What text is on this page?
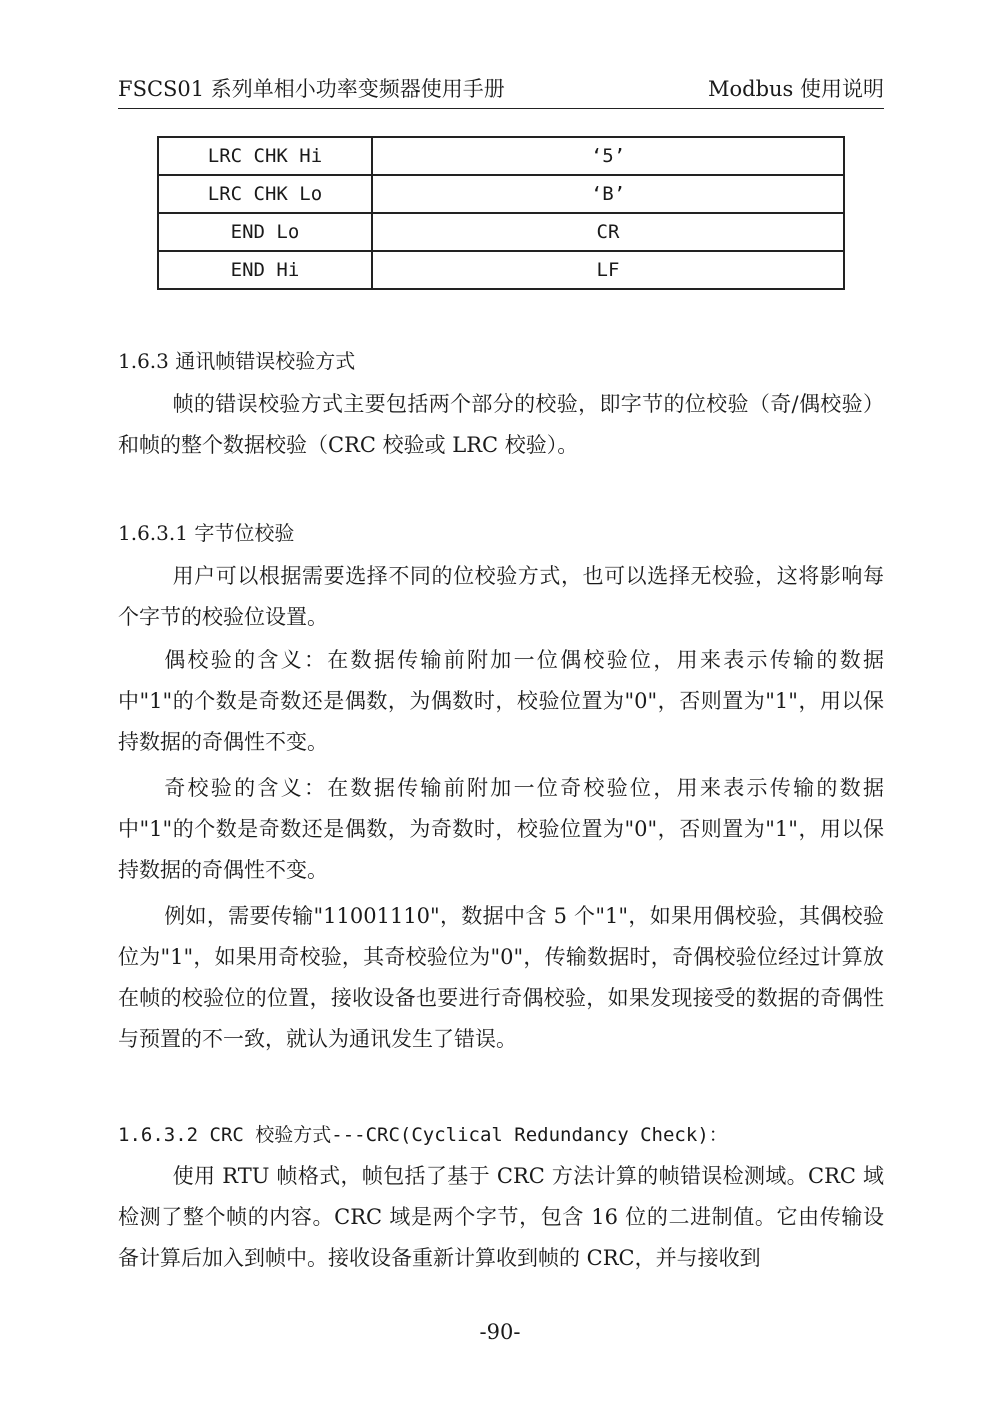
FSCS01 系列单相小功率变频器使用手册	Modbus 使用说明
LRC CHK Hi	‘5’
LRC CHK Lo	‘B’
END Lo	CR
END Hi	LF
1.6.3 通讯帧错误校验方式
帧的错误校验方式主要包括两个部分的校验，即字节的位校验（奇/偶校验）和帧的整个数据校验（CRC 校验或 LRC 校验）。
1.6.3.1 字节位校验
用户可以根据需要选择不同的位校验方式，也可以选择无校验，这将影响每个字节的校验位设置。
偶校验的含义：在数据传输前附加一位偶校验位，用来表示传输的数据中"1"的个数是奇数还是偶数，为偶数时，校验位置为"0"，否则置为"1"，用以保持数据的奇偶性不变。
奇校验的含义：在数据传输前附加一位奇校验位，用来表示传输的数据中"1"的个数是奇数还是偶数，为奇数时，校验位置为"0"，否则置为"1"，用以保持数据的奇偶性不变。
例如，需要传输"11001110"，数据中含 5 个"1"，如果用偶校验，其偶校验位为"1"，如果用奇校验，其奇校验位为"0"，传输数据时，奇偶校验位经过计算放在帧的校验位的位置，接收设备也要进行奇偶校验，如果发现接受的数据的奇偶性与预置的不一致，就认为通讯发生了错误。
1.6.3.2 CRC 校验方式---CRC(Cyclical Redundancy Check)：
使用 RTU 帧格式，帧包括了基于 CRC 方法计算的帧错误检测域。CRC 域检测了整个帧的内容。CRC 域是两个字节，包含 16 位的二进制值。它由传输设备计算后加入到帧中。接收设备重新计算收到帧的 CRC，并与接收到
-90-
